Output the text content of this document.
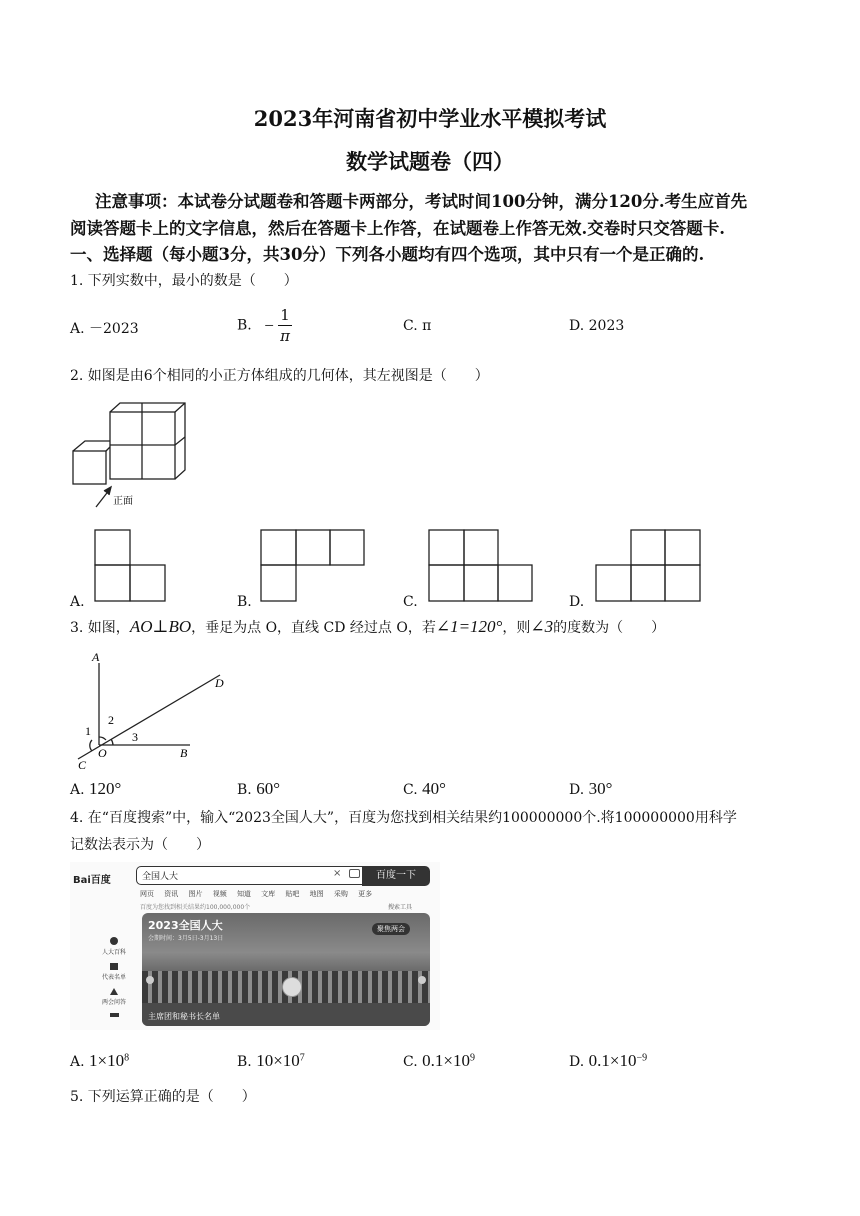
2023年河南省初中学业水平模拟考试
数学试题卷（四）
注意事项：本试卷分试题卷和答题卡两部分，考试时间100分钟，满分120分.考生应首先
阅读答题卡上的文字信息，然后在答题卡上作答，在试题卷上作答无效.交卷时只交答题卡.
一、选择题（每小题3分，共30分）下列各小题均有四个选项，其中只有一个是正确的.
1. 下列实数中，最小的数是（　　）
A. －2023	B. − $\frac{1}{\pi}$	C. π	D. 2023
2. 如图是由6个相同的小正方体组成的几何体，其左视图是（　　）
正面
A.	B.	C.	D.
3. 如图，AO⊥BO，垂足为点 O，直线 CD 经过点 O，若∠1=120°，则∠3的度数为（　　）
A
D
O	B
C
1
2
3
A. 120°	B. 60°	C. 40°	D. 30°
4. 在“百度搜索”中，输入“2023全国人大”，百度为您找到相关结果约100000000个.将100000000用科学
记数法表示为（　　）
Bai百度	全国人大	×	百度一下
网页 资讯 图片 视频 知道 文库 贴吧 地图 采购 更多
百度为您找到相关结果约100,000,000个	搜索工具
2023全国人大
会期时间：3月5日-3月13日
聚焦两会
主席团和秘书长名单
人大百科
代表名单
两会问答
A. $1\times 10^8$	B. $10\times 10^7$	C. $0.1\times 10^9$	D. $0.1\times 10^{-9}$
5. 下列运算正确的是（　　）
